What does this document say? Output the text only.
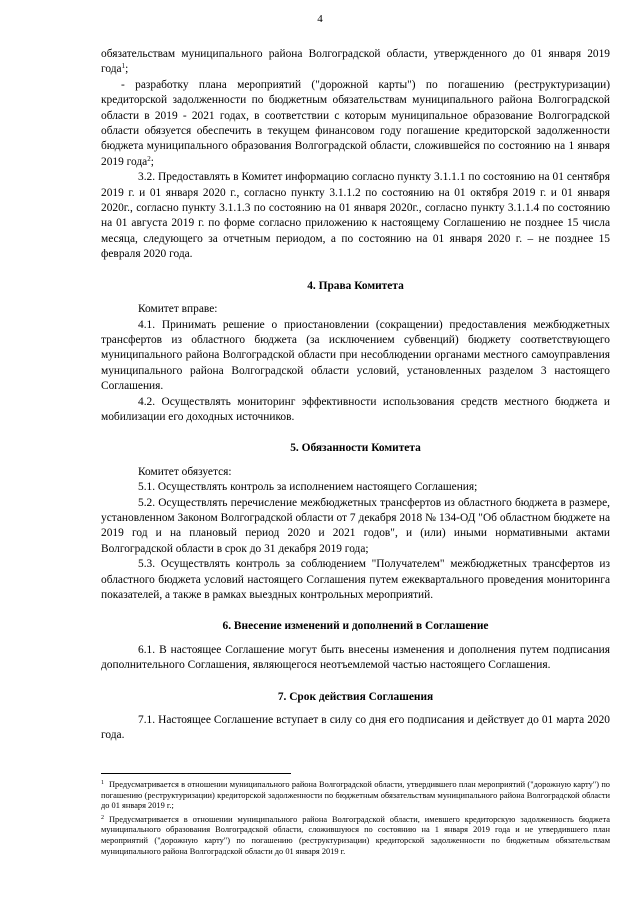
4

обязательствам муниципального района Волгоградской области, утвержденного до 01 января 2019 года$^1$;

- разработку плана мероприятий ("дорожной карты") по погашению (реструктуризации) кредиторской задолженности по бюджетным обязательствам муниципального района Волгоградской области в 2019 - 2021 годах, в соответствии с которым муниципальное образование Волгоградской области обязуется обеспечить в текущем финансовом году погашение кредиторской задолженности бюджета муниципального образования Волгоградской области, сложившейся по состоянию на 1 января 2019 года$^2$;

3.2. Предоставлять в Комитет информацию согласно пункту 3.1.1.1 по состоянию на 01 сентября 2019 г. и 01 января 2020 г., согласно пункту 3.1.1.2 по состоянию на 01 октября 2019 г. и 01 января 2020г., согласно пункту 3.1.1.3 по состоянию на 01 января 2020г., согласно пункту 3.1.1.4 по состоянию на 01 августа 2019 г. по форме согласно приложению к настоящему Соглашению не позднее 15 числа месяца, следующего за отчетным периодом, а по состоянию на 01 января 2020 г. – не позднее 15 февраля 2020 года.

4. Права Комитета

Комитет вправе:

4.1. Принимать решение о приостановлении (сокращении) предоставления межбюджетных трансфертов из областного бюджета (за исключением субвенций) бюджету соответствующего муниципального района Волгоградской области при несоблюдении органами местного самоуправления муниципального района Волгоградской области условий, установленных разделом 3 настоящего Соглашения.

4.2. Осуществлять мониторинг эффективности использования средств местного бюджета и мобилизации его доходных источников.

5. Обязанности Комитета

Комитет обязуется:

5.1. Осуществлять контроль за исполнением настоящего Соглашения;

5.2. Осуществлять перечисление межбюджетных трансфертов из областного бюджета в размере, установленном Законом Волгоградской области от 7 декабря 2018 № 134-ОД "Об областном бюджете на 2019 год и на плановый период 2020 и 2021 годов", и (или) иными нормативными актами Волгоградской области в срок до 31 декабря 2019 года;

5.3. Осуществлять контроль за соблюдением "Получателем" межбюджетных трансфертов из областного бюджета условий настоящего Соглашения путем ежеквартального проведения мониторинга показателей, а также в рамках выездных контрольных мероприятий.

6. Внесение изменений и дополнений в Соглашение

6.1. В настоящее Соглашение могут быть внесены изменения и дополнения путем подписания дополнительного Соглашения, являющегося неотъемлемой частью настоящего Соглашения.

7. Срок действия Соглашения

7.1. Настоящее Соглашение вступает в силу со дня его подписания и действует до 01 марта 2020 года.

$^1$ Предусматривается в отношении муниципального района Волгоградской области, утвердившего план мероприятий ("дорожную карту") по погашению (реструктуризации) кредиторской задолженности по бюджетным обязательствам муниципального района Волгоградской области до 01 января 2019 г.;

$^2$ Предусматривается в отношении муниципального района Волгоградской области, имевшего кредиторскую задолженность бюджета муниципального образования Волгоградской области, сложившуюся по состоянию на 1 января 2019 года и не утвердившего план мероприятий ("дорожную карту") по погашению (реструктуризации) кредиторской задолженности по бюджетным обязательствам муниципального района Волгоградской области до 01 января 2019 г.
